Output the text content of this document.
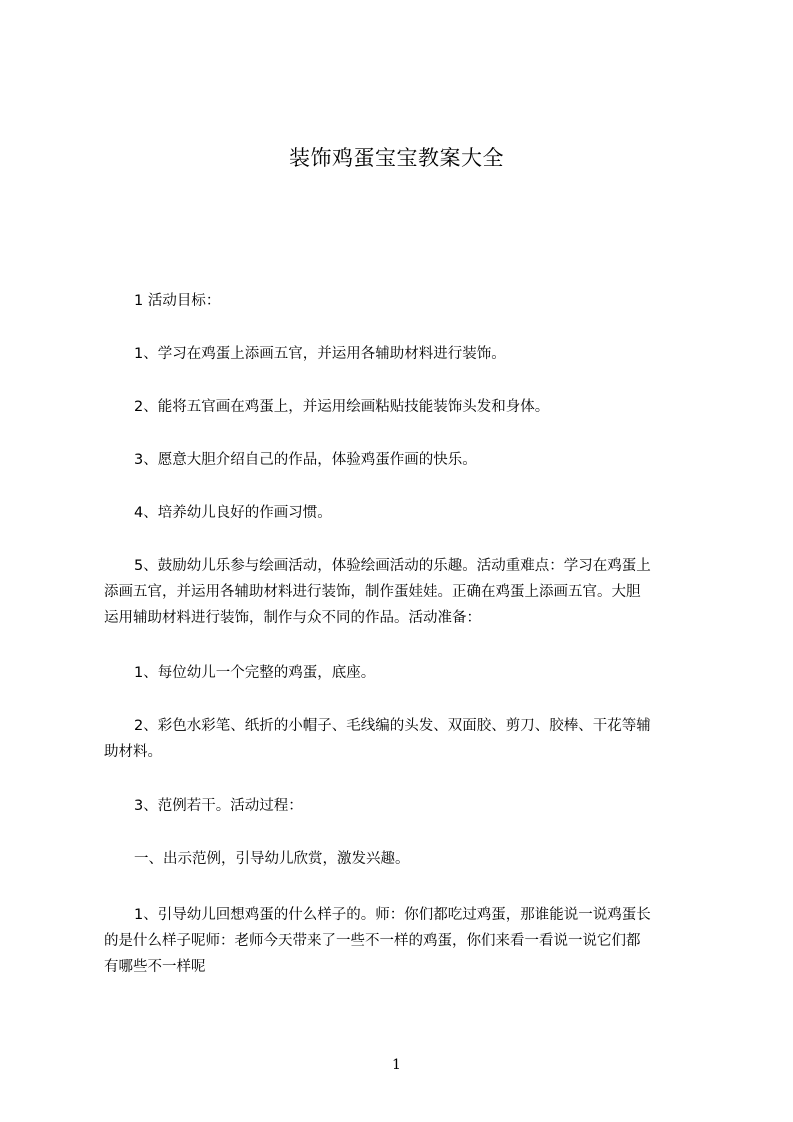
装饰鸡蛋宝宝教案大全
1 活动目标：
1、学习在鸡蛋上添画五官，并运用各辅助材料进行装饰。
2、能将五官画在鸡蛋上，并运用绘画粘贴技能装饰头发和身体。
3、愿意大胆介绍自己的作品，体验鸡蛋作画的快乐。
4、培养幼儿良好的作画习惯。
5、鼓励幼儿乐参与绘画活动，体验绘画活动的乐趣。活动重难点：学习在鸡蛋上
添画五官，并运用各辅助材料进行装饰，制作蛋娃娃。正确在鸡蛋上添画五官。大胆
运用辅助材料进行装饰，制作与众不同的作品。活动准备：
1、每位幼儿一个完整的鸡蛋，底座。
2、彩色水彩笔、纸折的小帽子、毛线编的头发、双面胶、剪刀、胶棒、干花等辅
助材料。
3、范例若干。活动过程：
一、出示范例，引导幼儿欣赏，激发兴趣。
1、引导幼儿回想鸡蛋的什么样子的。师：你们都吃过鸡蛋，那谁能说一说鸡蛋长
的是什么样子呢师：老师今天带来了一些不一样的鸡蛋，你们来看一看说一说它们都
有哪些不一样呢
1
